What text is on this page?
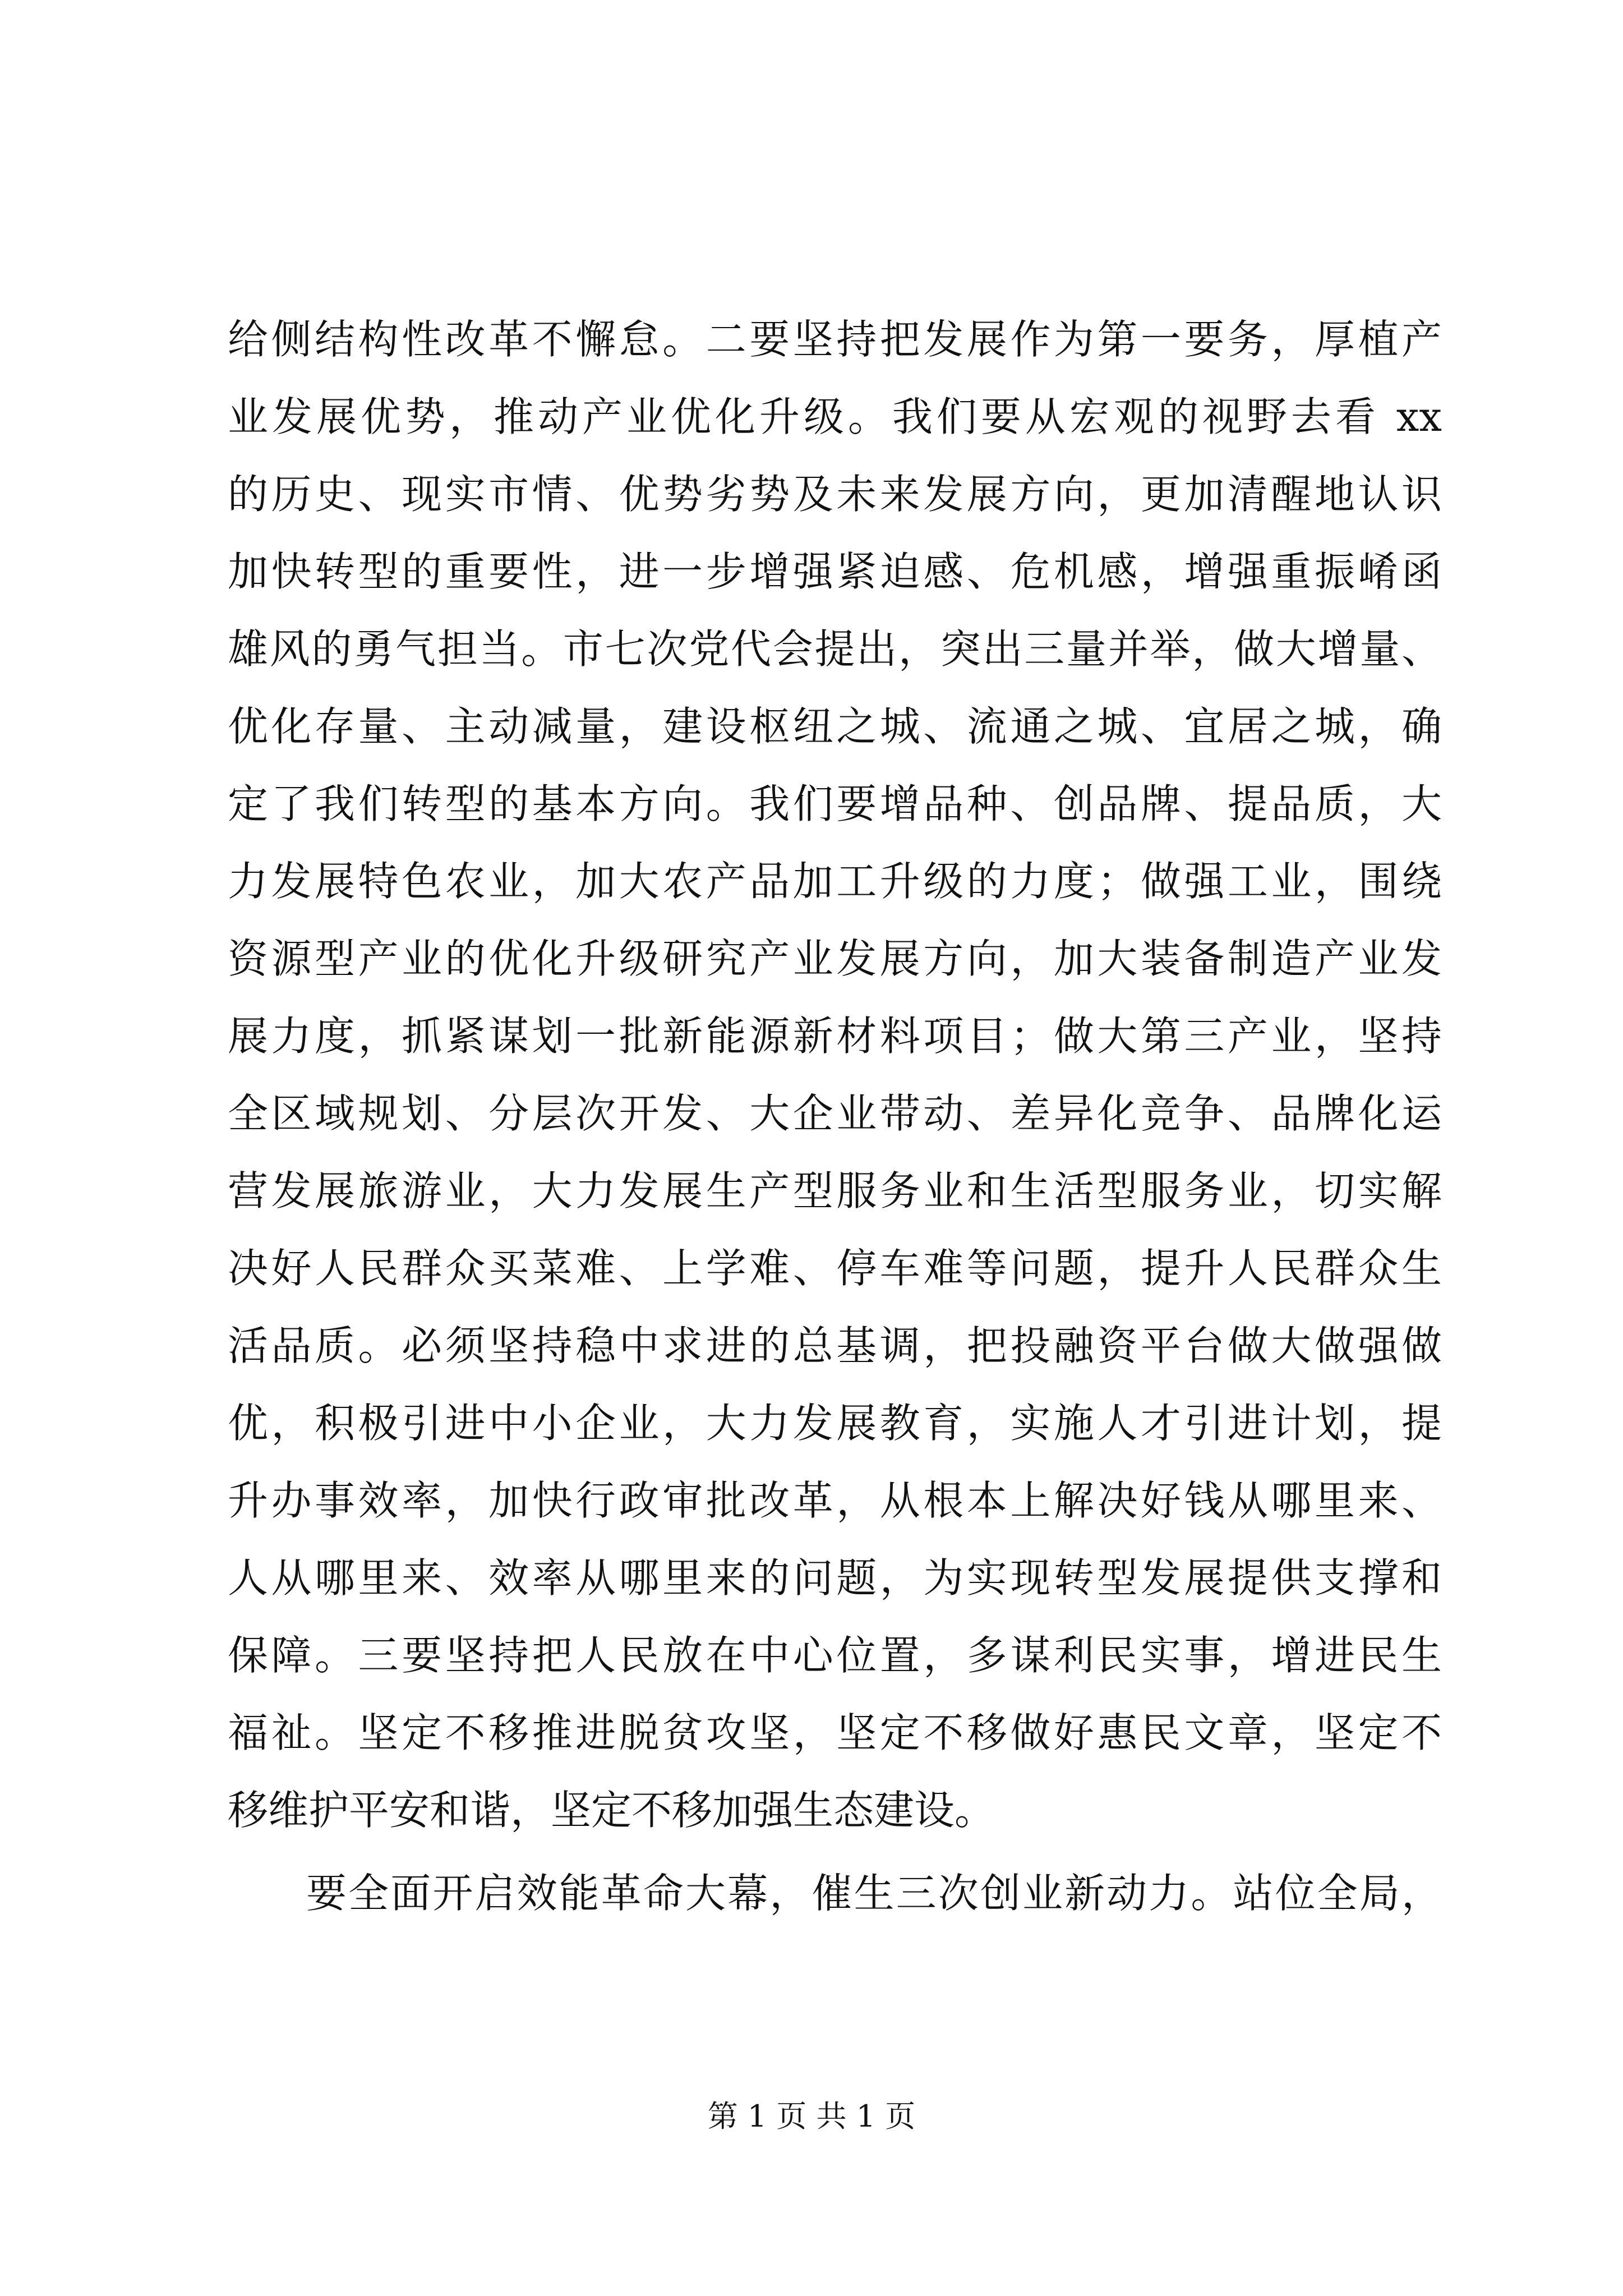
给侧结构性改革不懈怠。二要坚持把发展作为第一要务，厚植产
业发展优势，推动产业优化升级。我们要从宏观的视野去看 xx
的历史、现实市情、优势劣势及未来发展方向，更加清醒地认识
加快转型的重要性，进一步增强紧迫感、危机感，增强重振崤函
雄风的勇气担当。市七次党代会提出，突出三量并举，做大增量、
优化存量、主动减量，建设枢纽之城、流通之城、宜居之城，确
定了我们转型的基本方向。我们要增品种、创品牌、提品质，大
力发展特色农业，加大农产品加工升级的力度；做强工业，围绕
资源型产业的优化升级研究产业发展方向，加大装备制造产业发
展力度，抓紧谋划一批新能源新材料项目；做大第三产业，坚持
全区域规划、分层次开发、大企业带动、差异化竞争、品牌化运
营发展旅游业，大力发展生产型服务业和生活型服务业，切实解
决好人民群众买菜难、上学难、停车难等问题，提升人民群众生
活品质。必须坚持稳中求进的总基调，把投融资平台做大做强做
优，积极引进中小企业，大力发展教育，实施人才引进计划，提
升办事效率，加快行政审批改革，从根本上解决好钱从哪里来、
人从哪里来、效率从哪里来的问题，为实现转型发展提供支撑和
保障。三要坚持把人民放在中心位置，多谋利民实事，增进民生
福祉。坚定不移推进脱贫攻坚，坚定不移做好惠民文章，坚定不
移维护平安和谐，坚定不移加强生态建设。
要全面开启效能革命大幕，催生三次创业新动力。站位全局，
第 1 页 共 1 页
